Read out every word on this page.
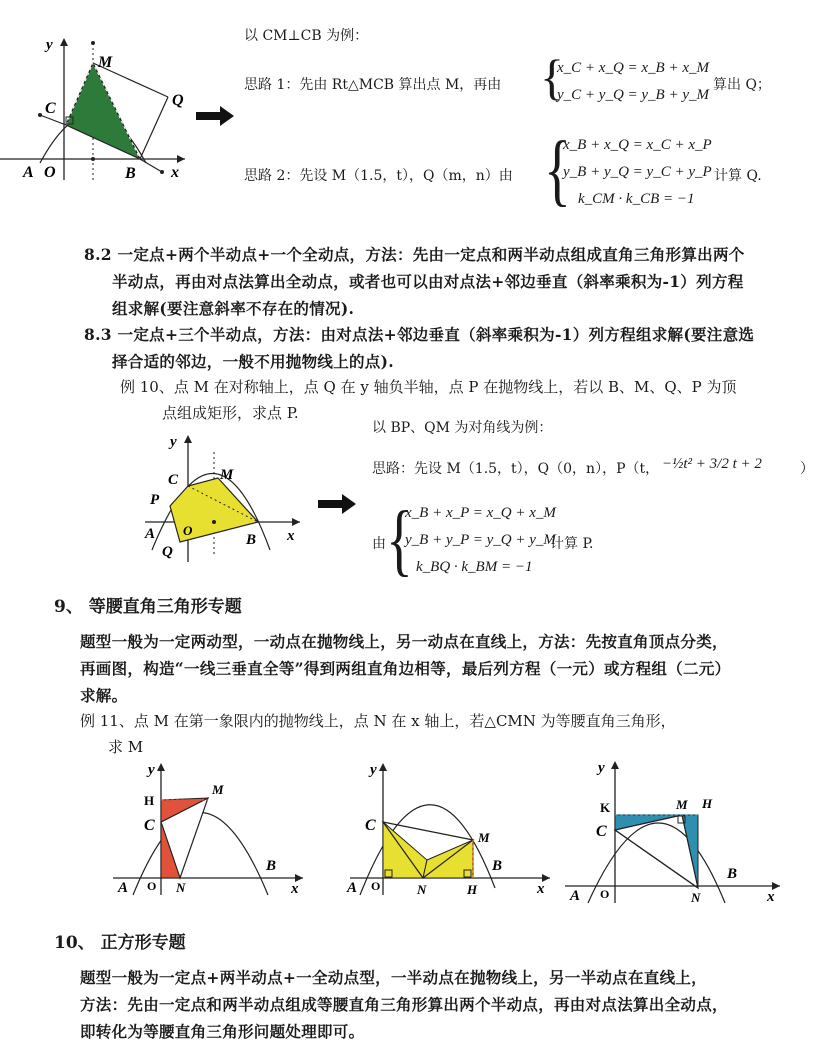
y
M
Q
C
A O	B x
以 CM⊥CB 为例：
思路 1：先由 Rt△MCB 算出点 M，再由 {
x_C + x_Q = x_B + x_M
y_C + y_Q = y_B + y_M
算出 Q；
思路 2：先设 M（1.5，t），Q（m，n）由 {
x_B + x_Q = x_C + x_P
y_B + y_Q = y_C + y_P
k_CM · k_CB = −1
计算 Q.
8.2 一定点+两个半动点+一个全动点，方法：先由一定点和两半动点组成直角三角形算出两个
半动点，再由对点法算出全动点，或者也可以由对点法+邻边垂直（斜率乘积为-1）列方程
组求解(要注意斜率不存在的情况).
8.3 一定点+三个半动点，方法：由对点法+邻边垂直（斜率乘积为-1）列方程组求解(要注意选
择合适的邻边，一般不用抛物线上的点).
例 10、点 M 在对称轴上，点 Q 在 y 轴负半轴，点 P 在抛物线上，若以 B、M、Q、P 为顶
点组成矩形，求点 P.
y
C	M
P
A O
Q
B x
以 BP、QM 为对角线为例：
思路：先设 M（1.5，t），Q（0，n），P（t， −½t² + 3/2 t + 2	）
由 {
x_B + x_P = x_Q + x_M
y_B + y_P = y_Q + y_M
k_BQ · k_BM = −1
计算 P.
9、 等腰直角三角形专题
题型一般为一定两动型，一动点在抛物线上，另一动点在直线上，方法：先按直角顶点分类，
再画图，构造“一线三垂直全等”得到两组直角边相等，最后列方程（一元）或方程组（二元）
求解。
例 11、点 M 在第一象限内的抛物线上，点 N 在 x 轴上，若△CMN 为等腰直角三角形，
求 M
y
H
M
C
A O N
B
x
y
C
M
B
A O	N	H	x
y
K	M H
C
B
A O	N	x
10、 正方形专题
题型一般为一定点+两半动点+一全动点型，一半动点在抛物线上，另一半动点在直线上，
方法：先由一定点和两半动点组成等腰直角三角形算出两个半动点，再由对点法算出全动点，
即转化为等腰直角三角形问题处理即可。
